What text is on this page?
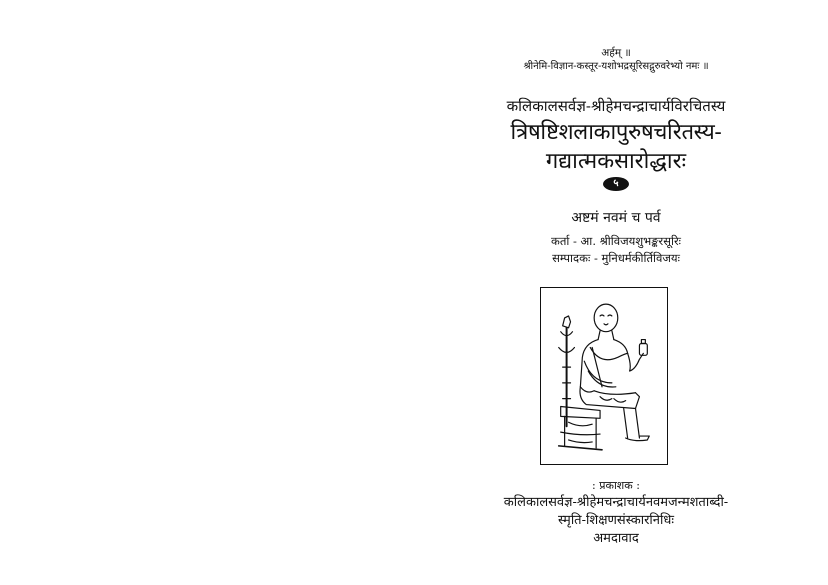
अर्हम् ॥
श्रीनेमि-विज्ञान-कस्तूर-यशोभद्रसूरिसद्गुरुवरेभ्यो नमः ॥
कलिकालसर्वज्ञ-श्रीहेमचन्द्राचार्यविरचितस्य
त्रिषष्टिशलाकापुरुषचरितस्य-
गद्यात्मकसारोद्धारः
५
अष्टमं नवमं च पर्व
कर्ता - आ. श्रीविजयशुभङ्करसूरिः
सम्पादकः - मुनिधर्मकीर्तिविजयः
: प्रकाशक :
कलिकालसर्वज्ञ-श्रीहेमचन्द्राचार्यनवमजन्मशताब्दी-
स्मृति-शिक्षणसंस्कारनिधिः
अमदावाद
